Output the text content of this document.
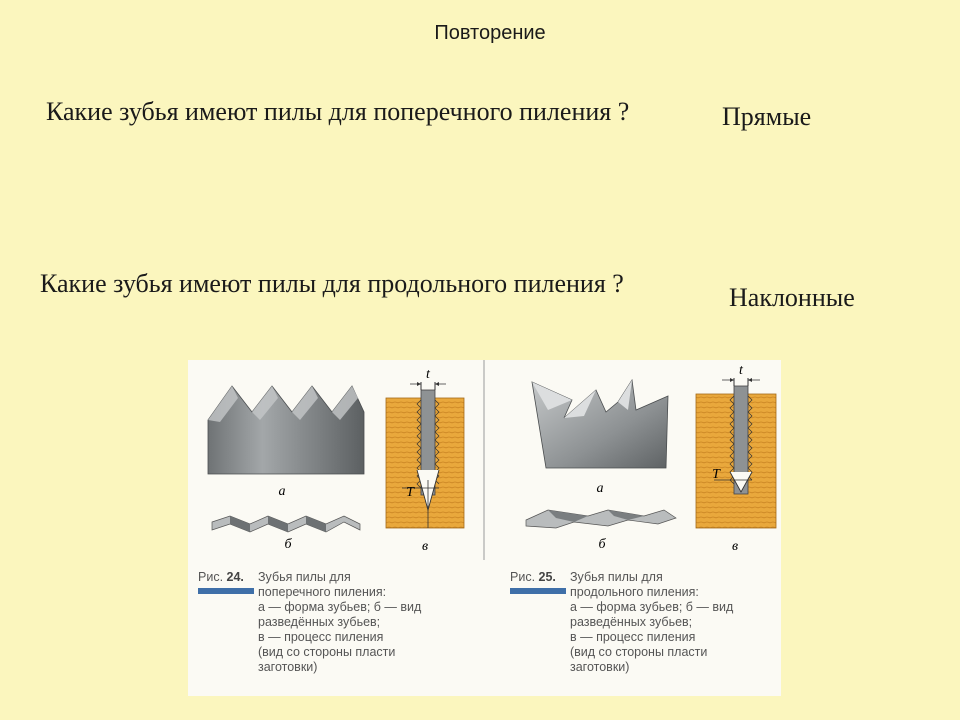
Повторение
Какие зубья имеют пилы для поперечного пиления ?	Прямые
Какие зубья имеют пилы для продольного пиления ?	Наклонные
а
б
t
T
в
а
б
t
T
в
Рис. 24. Зубья пилы для
поперечного пиления:
а — форма зубьев; б — вид
разведённых зубьев;
в — процесс пиления
(вид со стороны пласти
заготовки)
Рис. 25. Зубья пилы для
продольного пиления:
а — форма зубьев; б — вид
разведённых зубьев;
в — процесс пиления
(вид со стороны пласти
заготовки)
